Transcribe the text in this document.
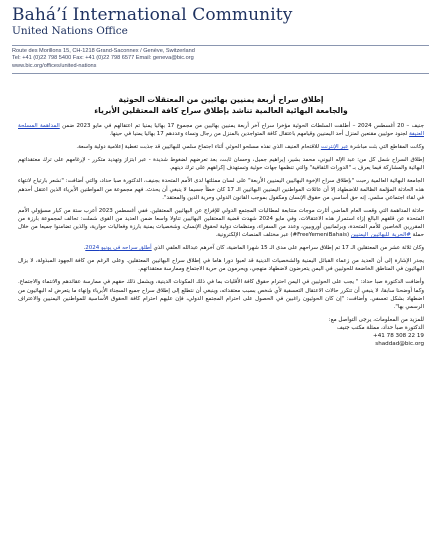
Bahá’í International Community
United Nations Office
Route des Morillons 15, CH-1218 Grand-Saconnex / Genève, Switzerland
Tel: +41 (0)22 798 5400 Fax: +41 (0)22 798 6577 Email: geneva@bic.org
www.bic.org/offices/united-nations

إطلاق سراح أربعة يمنيين بهائيين من المعتقلات الحوثية

والجامعة البهائية العالمية تناشد بإطلاق سراح كافة المعتقلين الأبرياء

جنيف – 20 أغسطس 2024 – أطلقت السلطات الحوثية مؤخرا سراح آخر أربعة يمنيين بهائيين من مجموع 17 بهائيا يمنيا تم اعتقالهم في مايو 2023 ضمن المداهمة المسلحة العنيفة لجنود حوثيين مقنعين لمنزل أحد اليمنيين وقيامهم باعتقال كافة المتواجدين بالمنزل من رجال ونساء وعددهم 17 بهائيا يمنيا في حينها.

وكانت المقاطع التي بثت مباشرة عبر الإنترنت للاقتحام العنيف الذي نفذه مسلحو الحوثي أثناء اجتماع سلمي للبهائيين قد جذبت تغطية إعلامية دولية واسعة.

إطلاق السراح شمل كل من: عبد الإله اليوني، محمد بشير، إبراهيم جميل، وحسان ثابت، بعد تعرضهم لضغوط شديدة - عبر ابتزاز وتهديد متكرر - لإرغامهم على ترك معتقداتهم البهائية والمشاركة فيما يعرف بـ "الدورات الثقافية" والتي تنظمها جهات حوثية وتستهدف إكراههم على ترك دينهم.

الجامعة البهائية العالمية رحبت "بإطلاق سراح الإخوة البهائيين اليمنيين الأربعة" على لسان ممثلتها لدى الأمم المتحدة بجنيف، الدكتورة صبا حداد، والتي أضافت: "نشعر بارتياح لانتهاء هذه الحادثة المؤلمة الظالمة للاضطهاد إلا أن عائلات المواطنين اليمنيين البهائيين الـ 17 كان خطأ جسيما لا ينبغي أن يحدث. فهم مجموعة من المواطنين الأبرياء الذين اعتقل أحدهم في لقاء اجتماعي سلمي. إنه حق أساسي من حقوق الإنسان ومكفول بموجب القانون الدولي وحرية الدين والمعتقد".

حادثة المداهمة التي وقعت العام الماضي أثارت موجات متتابعة لمطالبات المجتمع الدولي للإفراج عن البهائيين المعتقلين. ففي أغسطس 2023 أعرب ستة من كبار مسؤولي الأمم المتحدة عن قلقهم البالغ إزاء استمرار هذه الاعتقالات، وفي مايو 2024 شهدت قضية المعتقلين البهائيين تناولا واسعا ضمن العديد من القوى شملت: تحالف لمجموعة بارزة من المقررين الخاصين للأمم المتحدة، وبرلمانيين أوروبيين، وعدد من السفراء، ومنظمات دولية لحقوق الإنسان، وشخصيات يمنية بارزة وفعاليات حوارية، والذين تضامنوا جميعا من خلال حملة #الحرية_للبهائيين_اليمنيين (FreeYemeniBahais#) عبر مختلف المنصات الإلكترونية.

وكان ثلاثة عشر من المعتقلين الـ 17 تم إطلاق سراحهم على مدى الـ 15 شهرا الماضية، كان آخرهم عبدالله العلفي الذي أطلق سراحه في يونيو 2024.

يجدر الإشارة إلى أن العديد من زعماء القبائل اليمنية والشخصيات الدينية قد لعبوا دورا هاما في إطلاق سراح البهائيين المعتقلين. وعلى الرغم من كافة الجهود المبذولة، لا يزال البهائيون في المناطق الخاضعة للحوثيين في اليمن يتعرضون لاضطهاد منهجي، ويحرمون من حرية الاجتماع وممارسة معتقداتهم.

وأضافت الدكتورة صبا حداد: " يجب على الحوثيين في اليمن احترام حقوق كافة الأقليات بما في ذلك المكونات الدينية، ويشمل ذلك حقهم في ممارسة عقائدهم والانتماء والاجتماع. وكما أوضحنا سابقا، لا ينبغي أن تتكرر حالات الاعتقال التعسفية لأي شخص بسبب معتقداته، وينبغي أن نتطلع إلى إطلاق سراح جميع السجناء الأبرياء وإنهاء ما يتعرض له البهائيون من اضطهاد بشكل تعسفي. وأضافت: "إن كان الحوثيون راغبين في الحصول على احترام المجتمع الدولي، فإن عليهم احترام كافة الحقوق الأساسية للمواطنين اليمنيين والاعتراف الرسمي بها".

للمزيد من المعلومات، يرجى التواصل مع:

الدكتورة صبا حداد، ممثلة مكتب جنيف

+41 78 308 22 19

shaddad@bic.org
